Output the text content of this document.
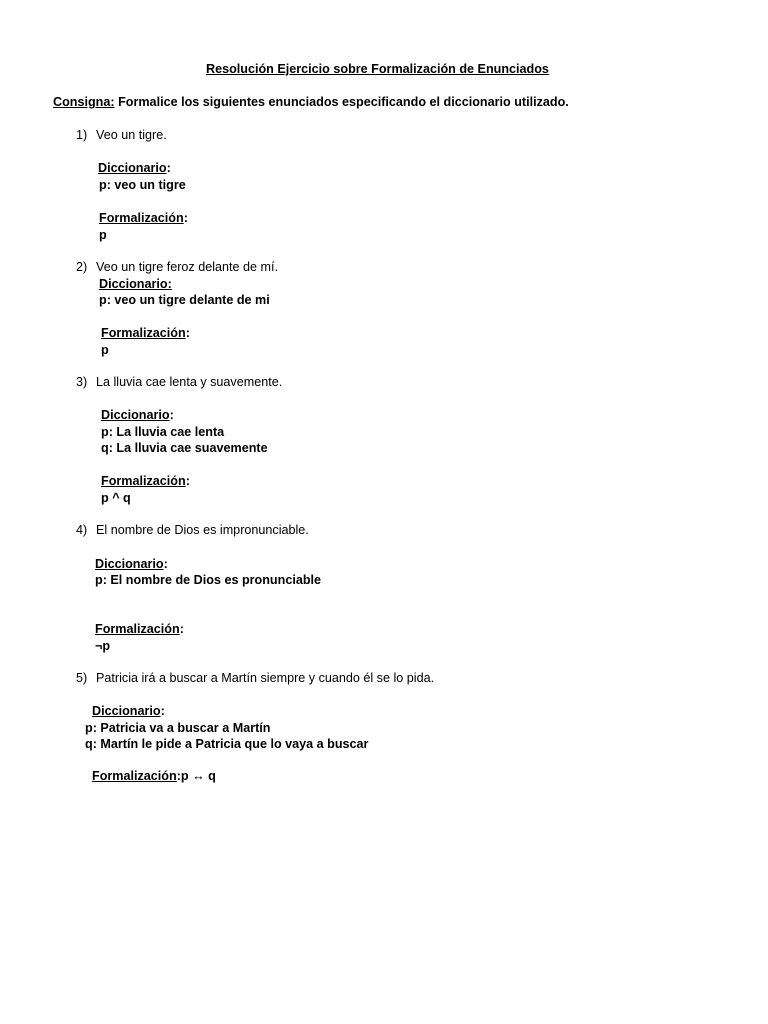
Resolución Ejercicio sobre Formalización de Enunciados
Consigna: Formalice los siguientes enunciados especificando el diccionario utilizado.
1) Veo un tigre.
Diccionario:
p: veo un tigre
Formalización:
p
2) Veo un tigre feroz delante de mí.
Diccionario:
p: veo un tigre delante de mi
Formalización:
p
3) La lluvia cae lenta y suavemente.
Diccionario:
p: La lluvia cae lenta
q: La lluvia cae suavemente
Formalización:
p ^ q
4) El nombre de Dios es impronunciable.
Diccionario:
p: El nombre de Dios es pronunciable
Formalización:
¬p
5) Patricia irá a buscar a Martín siempre y cuando él se lo pida.
Diccionario:
p: Patricia va a buscar a Martín
q: Martín le pide a Patricia que lo vaya a buscar
Formalización:p ↔ q
